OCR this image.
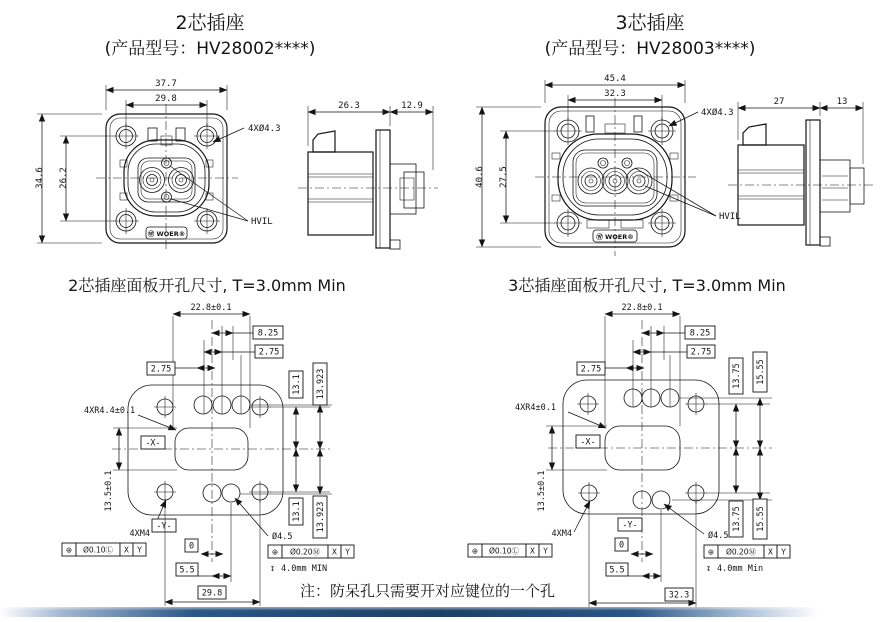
2芯插座
(产品型号：HV28002****)
3芯插座
(产品型号：HV28003****)
2芯插座面板开孔尺寸, T=3.0mm Min	3芯插座面板开孔尺寸, T=3.0mm Min
Ⓦ WOER®
37.7
29.8
34.6 26.2
4XØ4.3
HVIL
26.3	12.9
Ⓦ WOER®
45.4
32.3
40.6 27.5
4XØ4.3
HVIL
27	13
22.8±0.1
8.25
2.75
2.75
4XR4.4±0.1
-X-
13.5±0.1
13.1 13.923
13.1 13.923
4XM4
⊕ Ø0.10Ⓛ X Y
-Y-
0
5.5
29.8
Ø4.5
⊕ Ø0.20Ⓜ X Y
↧ 4.0mm MIN
22.8±0.1
8.25
2.75
2.75
4XR4±0.1
-X-
13.5±0.1
13.75 15.55
13.75 15.55
4XM4
⊕ Ø0.10Ⓛ X Y
-Y-
0
5.5
32.3
Ø4.5
⊕ Ø0.20Ⓜ X Y
↧ 4.0mm Min
注：防呆孔只需要开对应键位的一个孔
